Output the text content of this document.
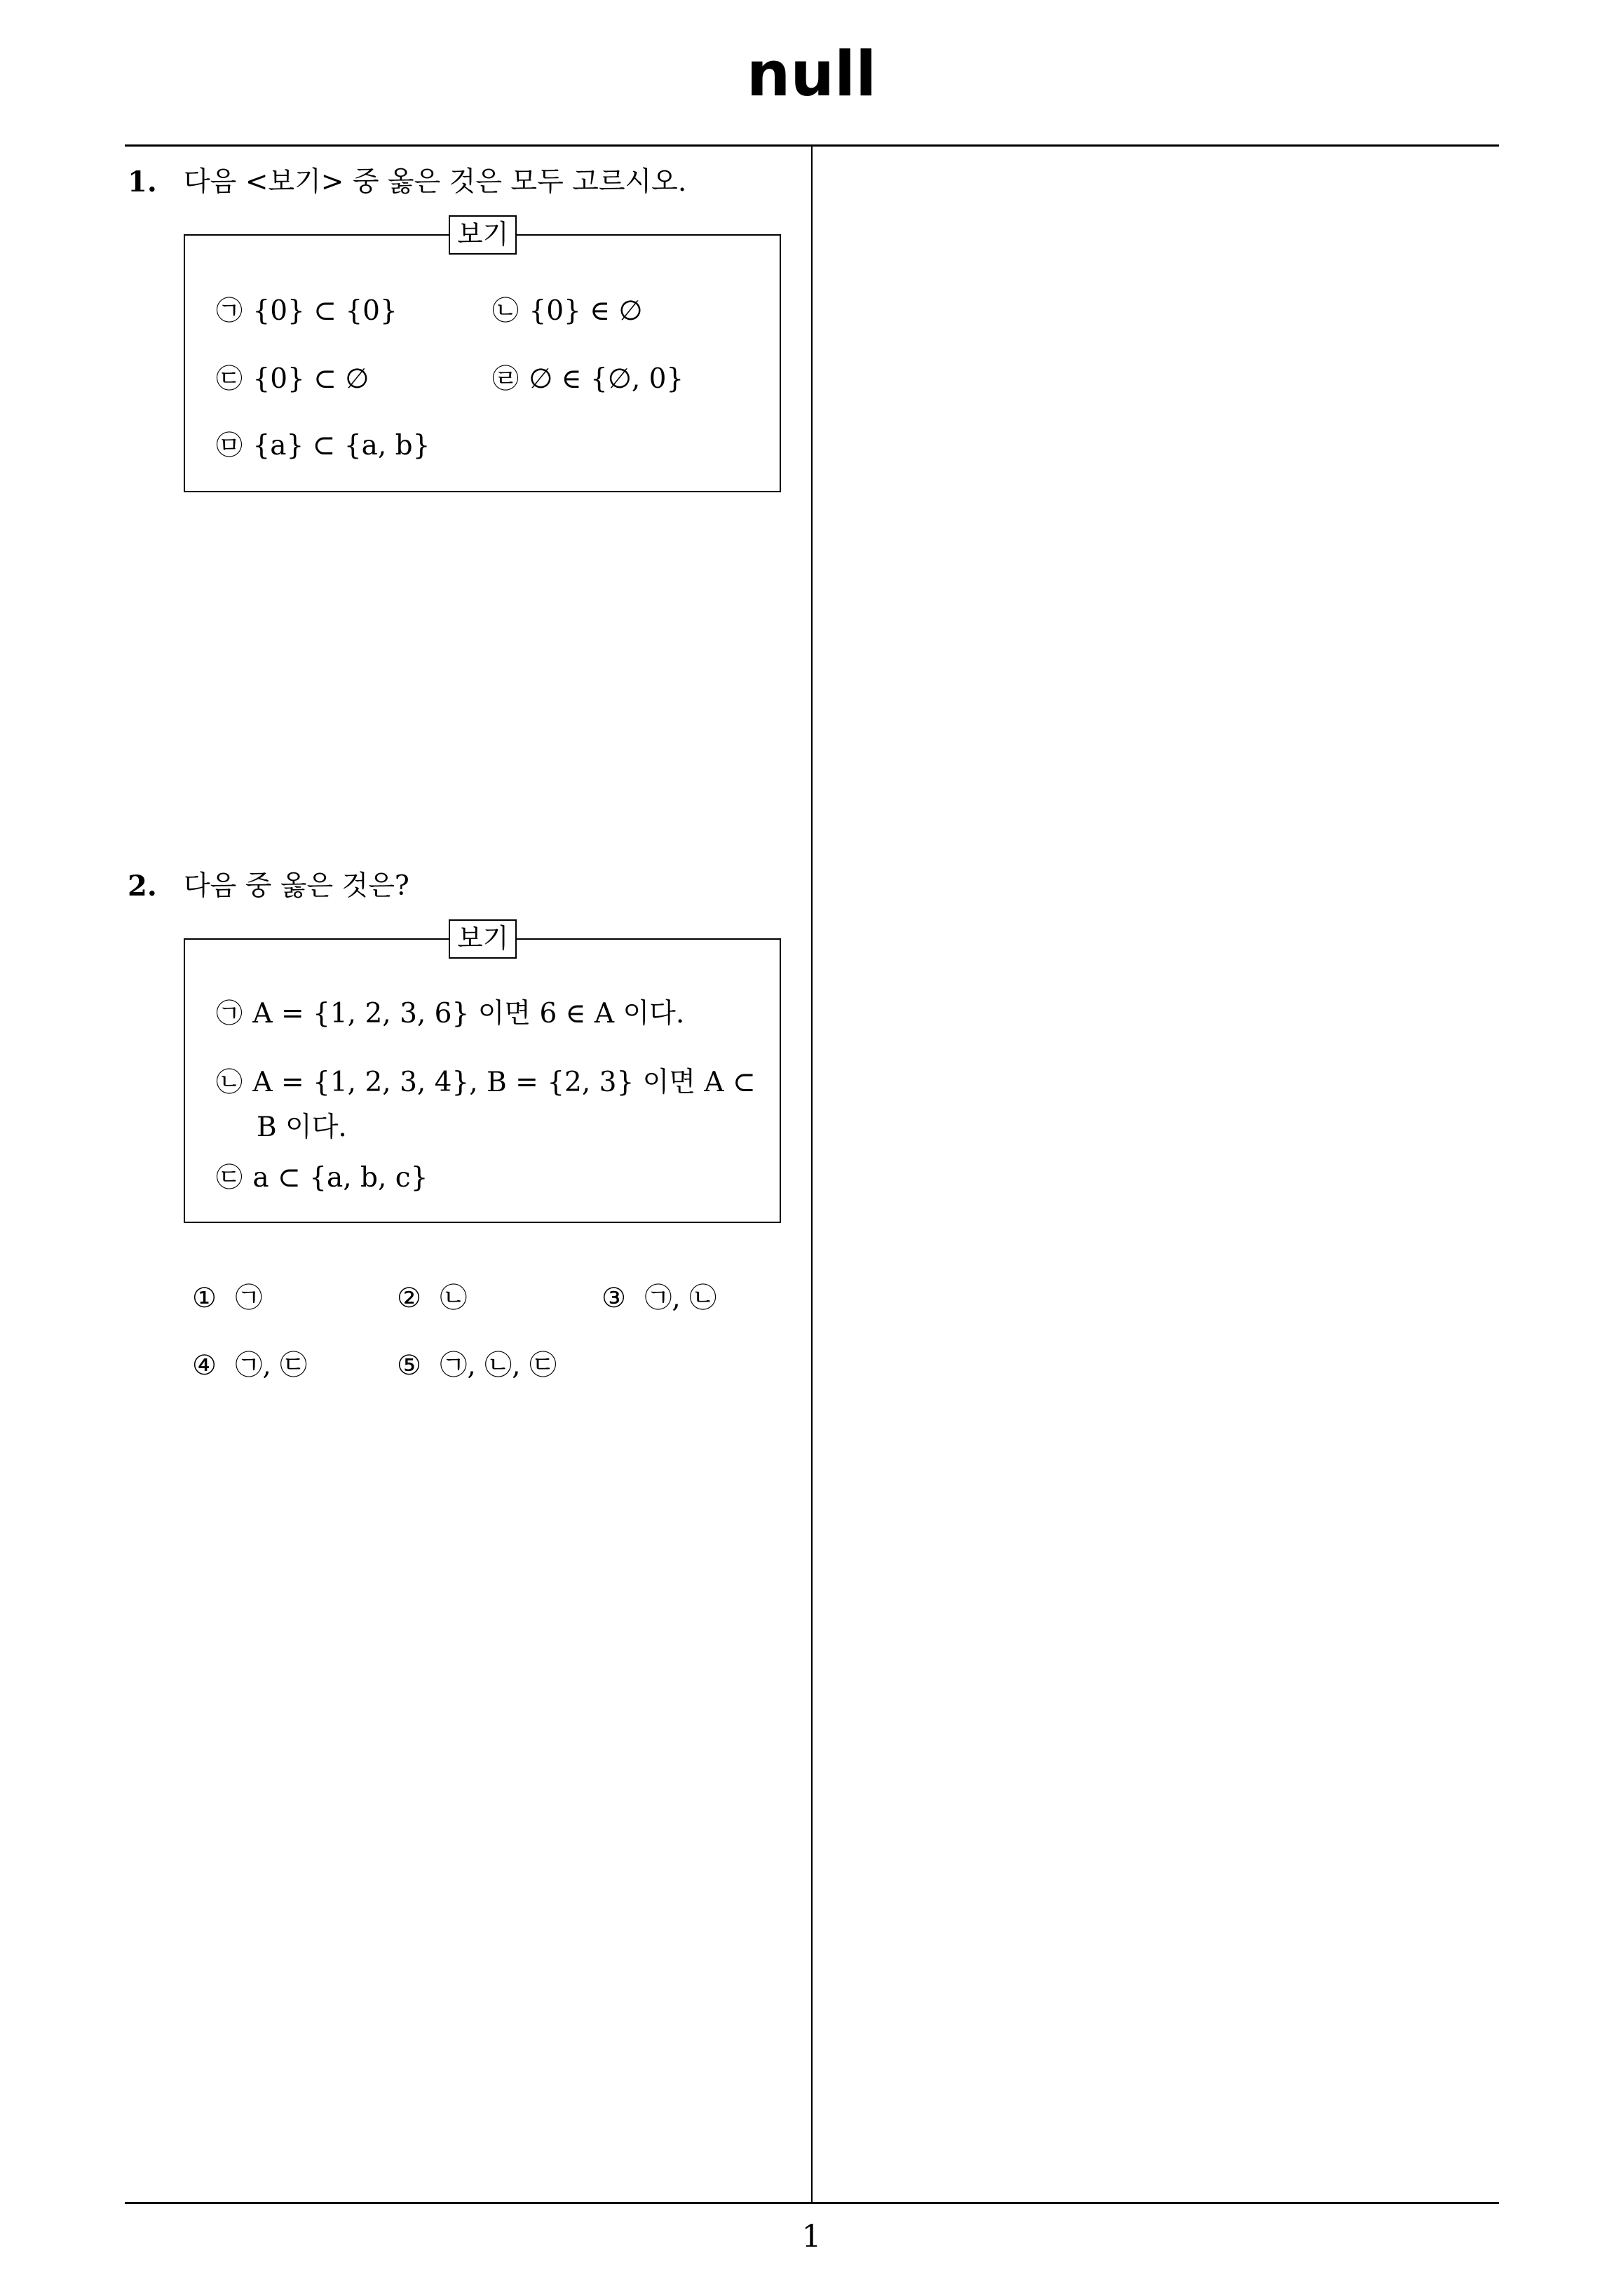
null
1. 다음 <보기> 중 옳은 것은 모두 고르시오.
보기
㉠ {0} ⊂ {0}	㉡ {0} ∈ ∅
㉢ {0} ⊂ ∅	㉣ ∅ ∈ {∅, 0}
㉤ {a} ⊂ {a, b}
2. 다음 중 옳은 것은?
보기
㉠ A = {1, 2, 3, 6} 이면 6 ∈ A 이다.
㉡ A = {1, 2, 3, 4}, B = {2, 3} 이면 A ⊂
B 이다.
㉢ a ⊂ {a, b, c}
① ㉠	② ㉡	③ ㉠, ㉡
④ ㉠, ㉢	⑤ ㉠, ㉡, ㉢
1
